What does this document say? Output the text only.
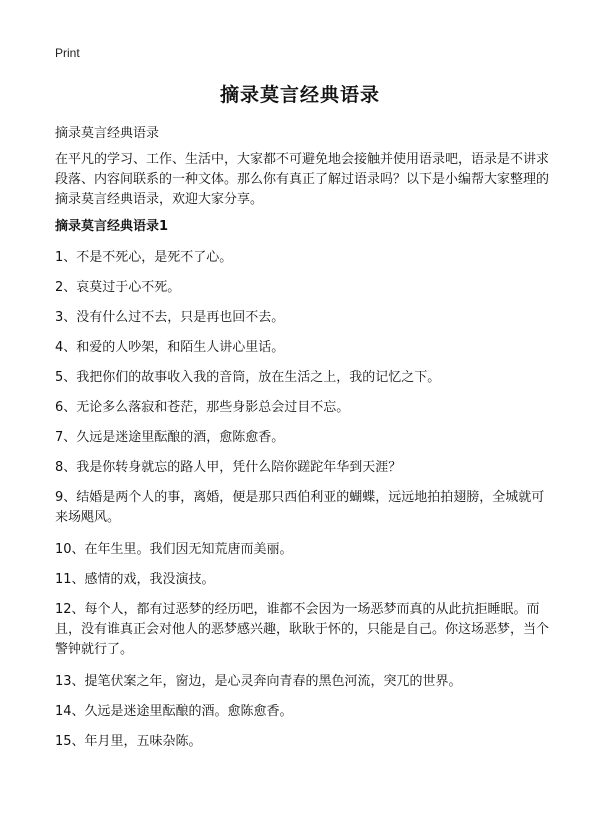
Print
摘录莫言经典语录
摘录莫言经典语录
在平凡的学习、工作、生活中，大家都不可避免地会接触并使用语录吧，语录是不讲求段落、内容间联系的一种文体。那么你有真正了解过语录吗？以下是小编帮大家整理的摘录莫言经典语录，欢迎大家分享。
摘录莫言经典语录1
1、不是不死心，是死不了心。
2、哀莫过于心不死。
3、没有什么过不去，只是再也回不去。
4、和爱的人吵架，和陌生人讲心里话。
5、我把你们的故事收入我的音筒，放在生活之上，我的记忆之下。
6、无论多么落寂和苍茫，那些身影总会过目不忘。
7、久远是迷途里酝酿的酒，愈陈愈香。
8、我是你转身就忘的路人甲，凭什么陪你蹉跎年华到天涯？
9、结婚是两个人的事，离婚，便是那只西伯利亚的蝴蝶，远远地拍拍翅膀，全城就可来场飓风。
10、在年生里。我们因无知荒唐而美丽。
11、感情的戏，我没演技。
12、每个人，都有过恶梦的经历吧，谁都不会因为一场恶梦而真的从此抗拒睡眠。而且，没有谁真正会对他人的恶梦感兴趣，耿耿于怀的，只能是自己。你这场恶梦，当个警钟就行了。
13、提笔伏案之年，窗边，是心灵奔向青春的黑色河流，突兀的世界。
14、久远是迷途里酝酿的酒。愈陈愈香。
15、年月里，五味杂陈。
